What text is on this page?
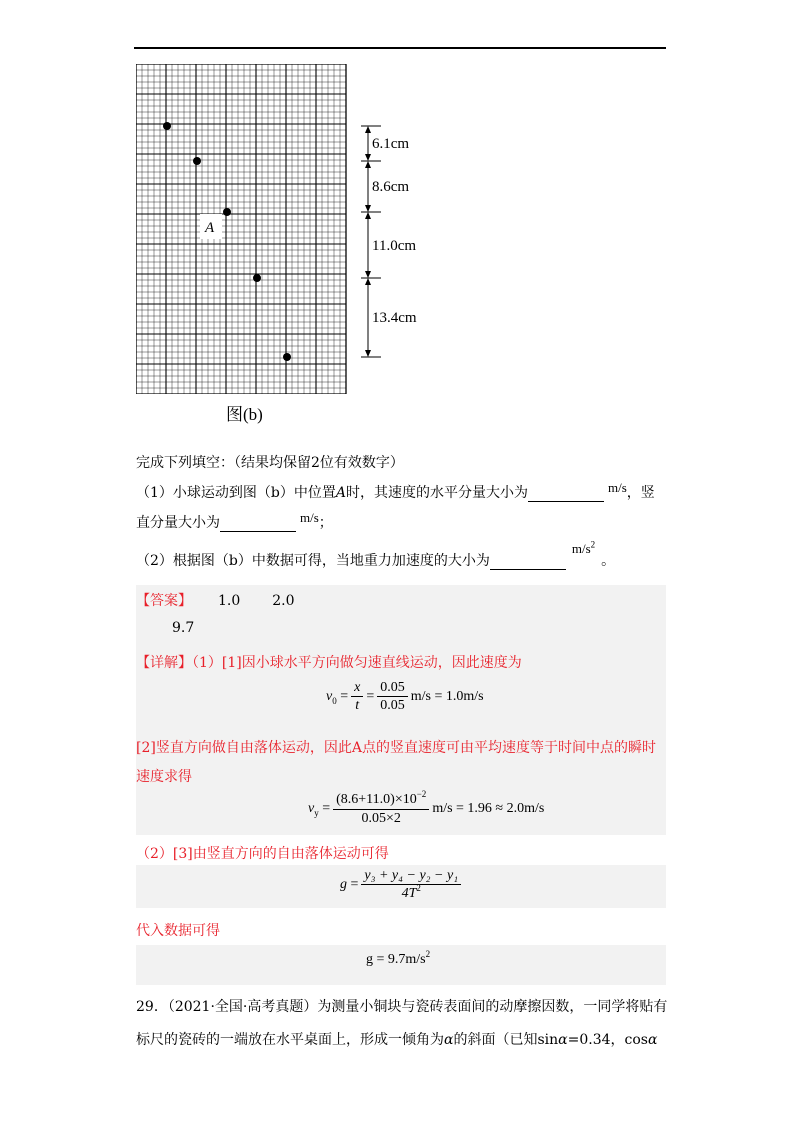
A
6.1cm
8.6cm
11.0cm
13.4cm
图(b)
完成下列填空：（结果均保留2位有效数字）
（1）小球运动到图（b）中位置A时，其速度的水平分量大小为	m/s，竖
直分量大小为	m/s；
（2）根据图（b）中数据可得，当地重力加速度的大小为 $m/s^2$。
【答案】 1.0 2.0
9.7
【详解】（1）[1]因小球水平方向做匀速直线运动，因此速度为
v $0 = \frac{x}{t} = \frac{0.05}{0.05} m/s = 1.0m/s$
[2]竖直方向做自由落体运动，因此A点的竖直速度可由平均速度等于时间中点的瞬时
速度求得
v $y = \frac{(8.6+11.0)\times 10^{-2}}{0.05\times 2} m/s = 1.96 \approx 2.0m/s$
（2）[3]由竖直方向的自由落体运动可得
$g = \frac{\text{y₃ + y₄ − y₂ − y₁}}{4T^2}$
代入数据可得
g = 9.7m/s 2
29．（2021·全国·高考真题）为测量小铜块与瓷砖表面间的动摩擦因数，一同学将贴有
标尺的瓷砖的一端放在水平桌面上，形成一倾角为α的斜面（已知sinα=0.34，cosα
